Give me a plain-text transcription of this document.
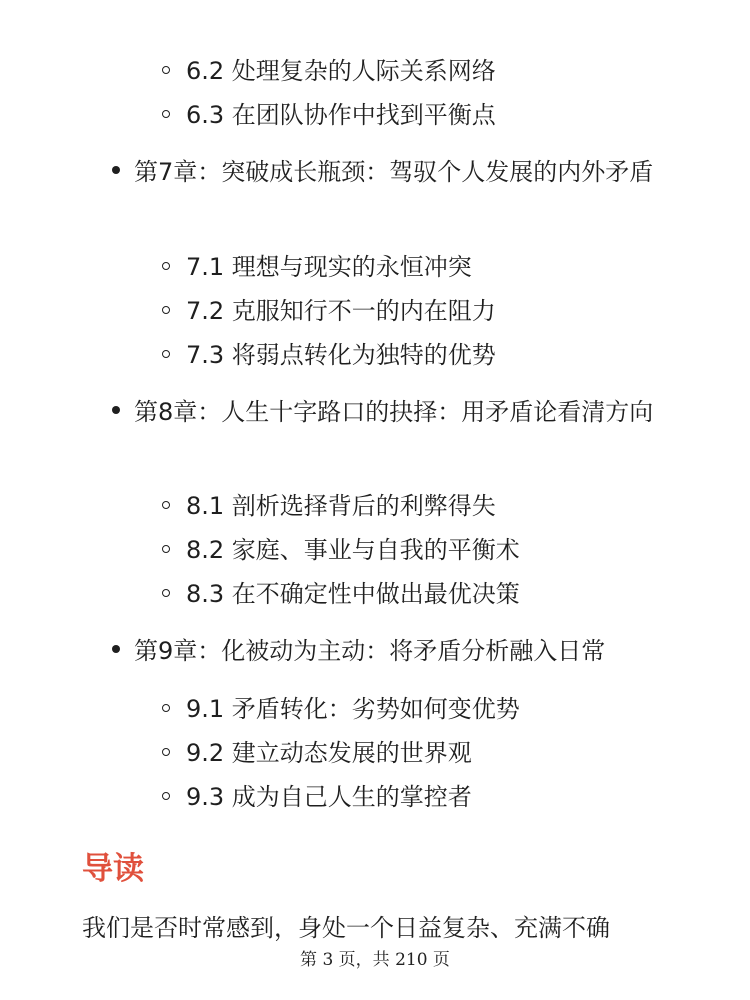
6.2 处理复杂的人际关系网络
6.3 在团队协作中找到平衡点
第7章：突破成长瓶颈：驾驭个人发展的内外矛盾
7.1 理想与现实的永恒冲突
7.2 克服知行不一的内在阻力
7.3 将弱点转化为独特的优势
第8章：人生十字路口的抉择：用矛盾论看清方向
8.1 剖析选择背后的利弊得失
8.2 家庭、事业与自我的平衡术
8.3 在不确定性中做出最优决策
第9章：化被动为主动：将矛盾分析融入日常
9.1 矛盾转化：劣势如何变优势
9.2 建立动态发展的世界观
9.3 成为自己人生的掌控者
导读
我们是否时常感到，身处一个日益复杂、充满不确
第 3 页，共 210 页
